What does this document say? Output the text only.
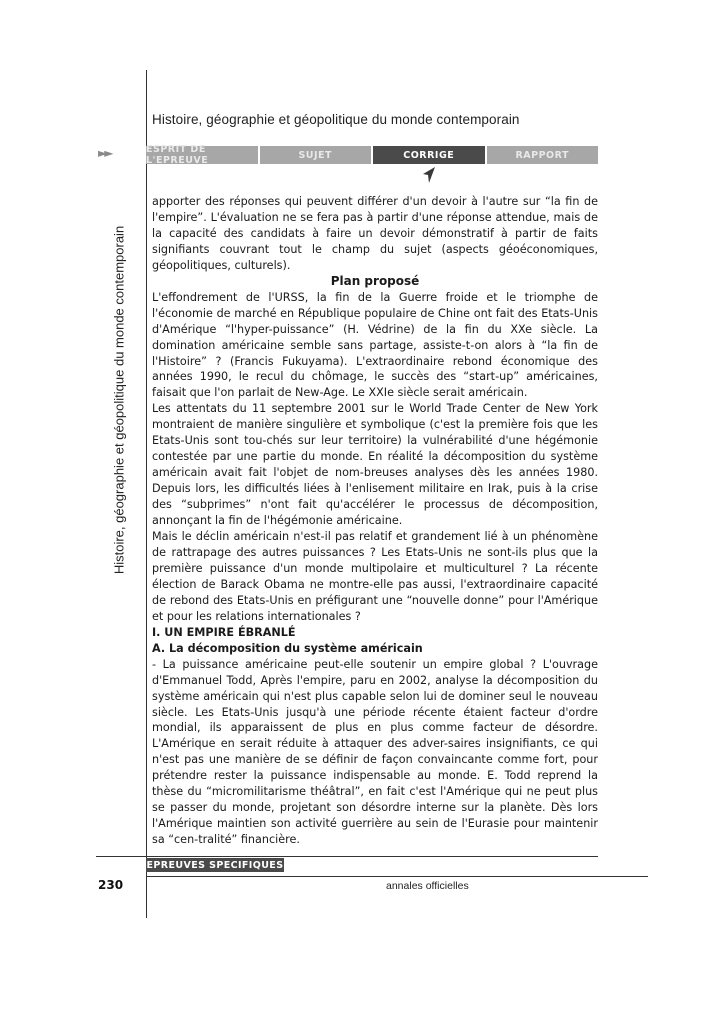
Histoire, géographie et géopolitique du monde contemporain
►►	ESPRIT DE L'EPREUVE	SUJET	CORRIGE	RAPPORT
Histoire, géographie et géopolitique du monde contemporain

apporter des réponses qui peuvent différer d'un devoir à l'autre sur “la fin de l'empire”. L'évaluation ne se fera pas à partir d'une réponse attendue, mais de la capacité des candidats à faire un devoir démonstratif à partir de faits signifiants couvrant tout le champ du sujet (aspects géoéconomiques, géopolitiques, culturels).

Plan proposé

L'effondrement de l'URSS, la fin de la Guerre froide et le triomphe de l'économie de marché en République populaire de Chine ont fait des Etats-Unis d'Amérique “l'hyper-puissance” (H. Védrine) de la fin du XXe siècle. La domination américaine semble sans partage, assiste-t-on alors à “la fin de l'Histoire” ? (Francis Fukuyama). L'extraordinaire rebond économique des années 1990, le recul du chômage, le succès des “start-up” américaines, faisait que l'on parlait de New-Age. Le XXIe siècle serait américain.

Les attentats du 11 septembre 2001 sur le World Trade Center de New York montraient de manière singulière et symbolique (c'est la première fois que les Etats-Unis sont tou-chés sur leur territoire) la vulnérabilité d'une hégémonie contestée par une partie du monde. En réalité la décomposition du système américain avait fait l'objet de nom-breuses analyses dès les années 1980. Depuis lors, les difficultés liées à l'enlisement militaire en Irak, puis à la crise des “subprimes” n'ont fait qu'accélérer le processus de décomposition, annonçant la fin de l'hégémonie américaine.

Mais le déclin américain n'est-il pas relatif et grandement lié à un phénomène de rattrapage des autres puissances ? Les Etats-Unis ne sont-ils plus que la première puissance d'un monde multipolaire et multiculturel ? La récente élection de Barack Obama ne montre-elle pas aussi, l'extraordinaire capacité de rebond des Etats-Unis en préfigurant une “nouvelle donne” pour l'Amérique et pour les relations internationales ?

I. UN EMPIRE ÉBRANLÉ

A. La décomposition du système américain

- La puissance américaine peut-elle soutenir un empire global ? L'ouvrage d'Emmanuel Todd, Après l'empire, paru en 2002, analyse la décomposition du système américain qui n'est plus capable selon lui de dominer seul le nouveau siècle. Les Etats-Unis jusqu'à une période récente étaient facteur d'ordre mondial, ils apparaissent de plus en plus comme facteur de désordre. L'Amérique en serait réduite à attaquer des adver-saires insignifiants, ce qui n'est pas une manière de se définir de façon convaincante comme fort, pour prétendre rester la puissance indispensable au monde. E. Todd reprend la thèse du “micromilitarisme théâtral”, en fait c'est l'Amérique qui ne peut plus se passer du monde, projetant son désordre interne sur la planète. Dès lors l'Amérique maintien son activité guerrière au sein de l'Eurasie pour maintenir sa “cen-tralité” financière.

EPREUVES SPECIFIQUES
230	annales officielles
